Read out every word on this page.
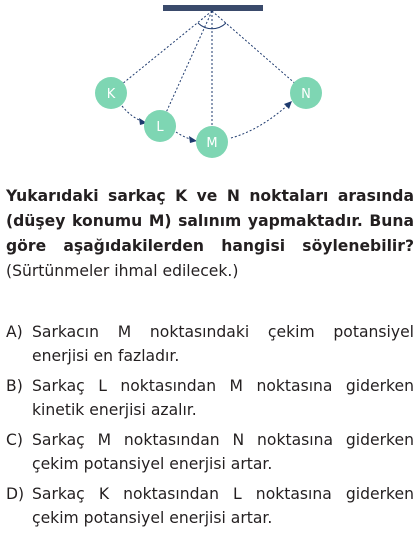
K
L
M
N

Yukarıdaki sarkaç K ve N noktaları arasında (düşey konumu M) salınım yapmaktadır. Buna göre aşağıdakilerden hangisi söylenebilir? (Sürtünmeler ihmal edilecek.)

A) Sarkacın M noktasındaki çekim potansiyel enerjisi en fazladır.
B) Sarkaç L noktasından M noktasına giderken kinetik enerjisi azalır.
C) Sarkaç M noktasından N noktasına giderken çekim potansiyel enerjisi artar.
D) Sarkaç K noktasından L noktasına giderken çekim potansiyel enerjisi artar.
